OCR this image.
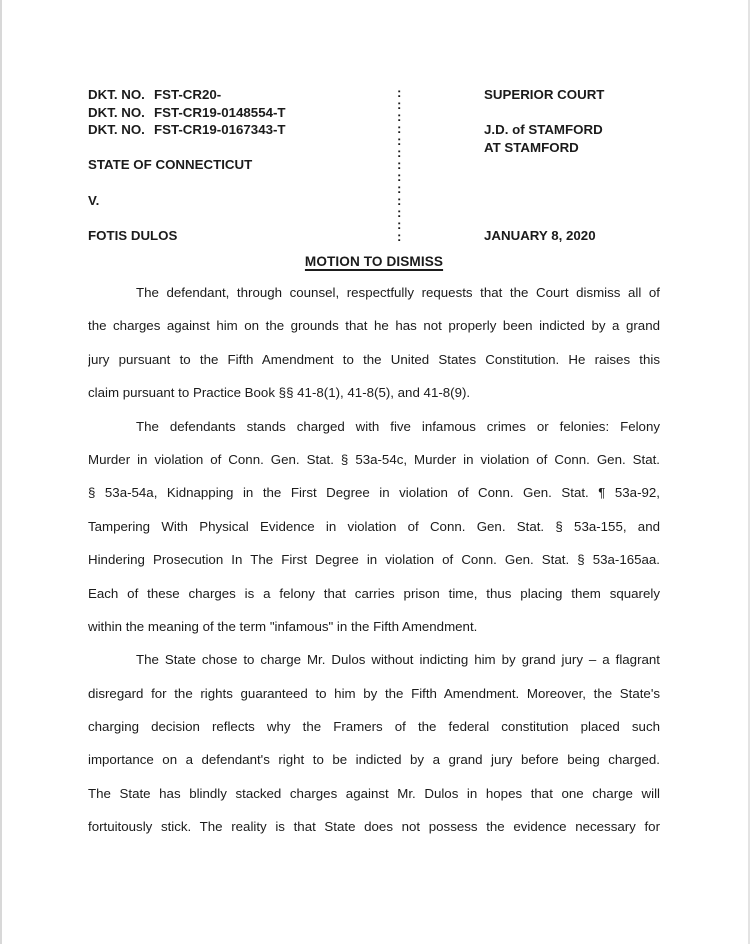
:
:
:
:
:
:
:
:
:
:
:
:
:
DKT. NO. FST-CR20-	SUPERIOR COURT
DKT. NO. FST-CR19-0148554-T
DKT. NO. FST-CR19-0167343-T	J.D. of STAMFORD
AT STAMFORD
STATE OF CONNECTICUT
V.
FOTIS DULOS	JANUARY 8, 2020
MOTION TO DISMISS
The defendant, through counsel, respectfully requests that the Court dismiss all of
the charges against him on the grounds that he has not properly been indicted by a grand
jury pursuant to the Fifth Amendment to the United States Constitution. He raises this
claim pursuant to Practice Book §§ 41-8(1), 41-8(5), and 41-8(9).
The defendants stands charged with five infamous crimes or felonies: Felony
Murder in violation of Conn. Gen. Stat. § 53a-54c, Murder in violation of Conn. Gen. Stat.
§ 53a-54a, Kidnapping in the First Degree in violation of Conn. Gen. Stat. ¶ 53a-92,
Tampering With Physical Evidence in violation of Conn. Gen. Stat. § 53a-155, and
Hindering Prosecution In The First Degree in violation of Conn. Gen. Stat. § 53a-165aa.
Each of these charges is a felony that carries prison time, thus placing them squarely
within the meaning of the term "infamous" in the Fifth Amendment.
The State chose to charge Mr. Dulos without indicting him by grand jury – a flagrant
disregard for the rights guaranteed to him by the Fifth Amendment. Moreover, the State's
charging decision reflects why the Framers of the federal constitution placed such
importance on a defendant's right to be indicted by a grand jury before being charged.
The State has blindly stacked charges against Mr. Dulos in hopes that one charge will
fortuitously stick. The reality is that State does not possess the evidence necessary for
